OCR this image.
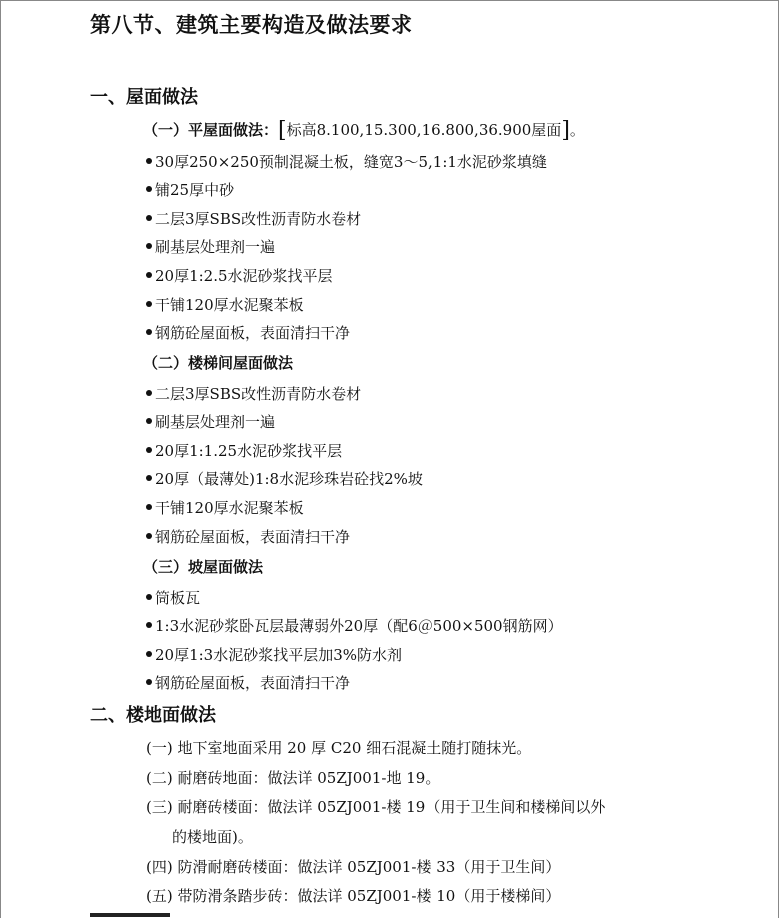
第八节、建筑主要构造及做法要求
一、屋面做法
（一）平屋面做法：[标高8.100,15.300,16.800,36.900屋面]。
30厚250×250预制混凝土板，缝宽3～5,1:1水泥砂浆填缝
铺25厚中砂
二层3厚SBS改性沥青防水卷材
刷基层处理剂一遍
20厚1:2.5水泥砂浆找平层
干铺120厚水泥聚苯板
钢筋砼屋面板，表面清扫干净
（二）楼梯间屋面做法
二层3厚SBS改性沥青防水卷材
刷基层处理剂一遍
20厚1:1.25水泥砂浆找平层
20厚（最薄处)1:8水泥珍珠岩砼找2%坡
干铺120厚水泥聚苯板
钢筋砼屋面板，表面清扫干净
（三）坡屋面做法
筒板瓦
1:3水泥砂浆卧瓦层最薄弱外20厚（配6＠500×500钢筋网）
20厚1:3水泥砂浆找平层加3%防水剂
钢筋砼屋面板，表面清扫干净
二、楼地面做法

(一) 地下室地面采用 20 厚 C20 细石混凝土随打随抹光。

(二) 耐磨砖地面：做法详 05ZJ001-地 19。

(三) 耐磨砖楼面：做法详 05ZJ001-楼 19（用于卫生间和楼梯间以外

的楼地面)。

(四) 防滑耐磨砖楼面：做法详 05ZJ001-楼 33（用于卫生间）

(五) 带防滑条踏步砖：做法详 05ZJ001-楼 10（用于楼梯间）
